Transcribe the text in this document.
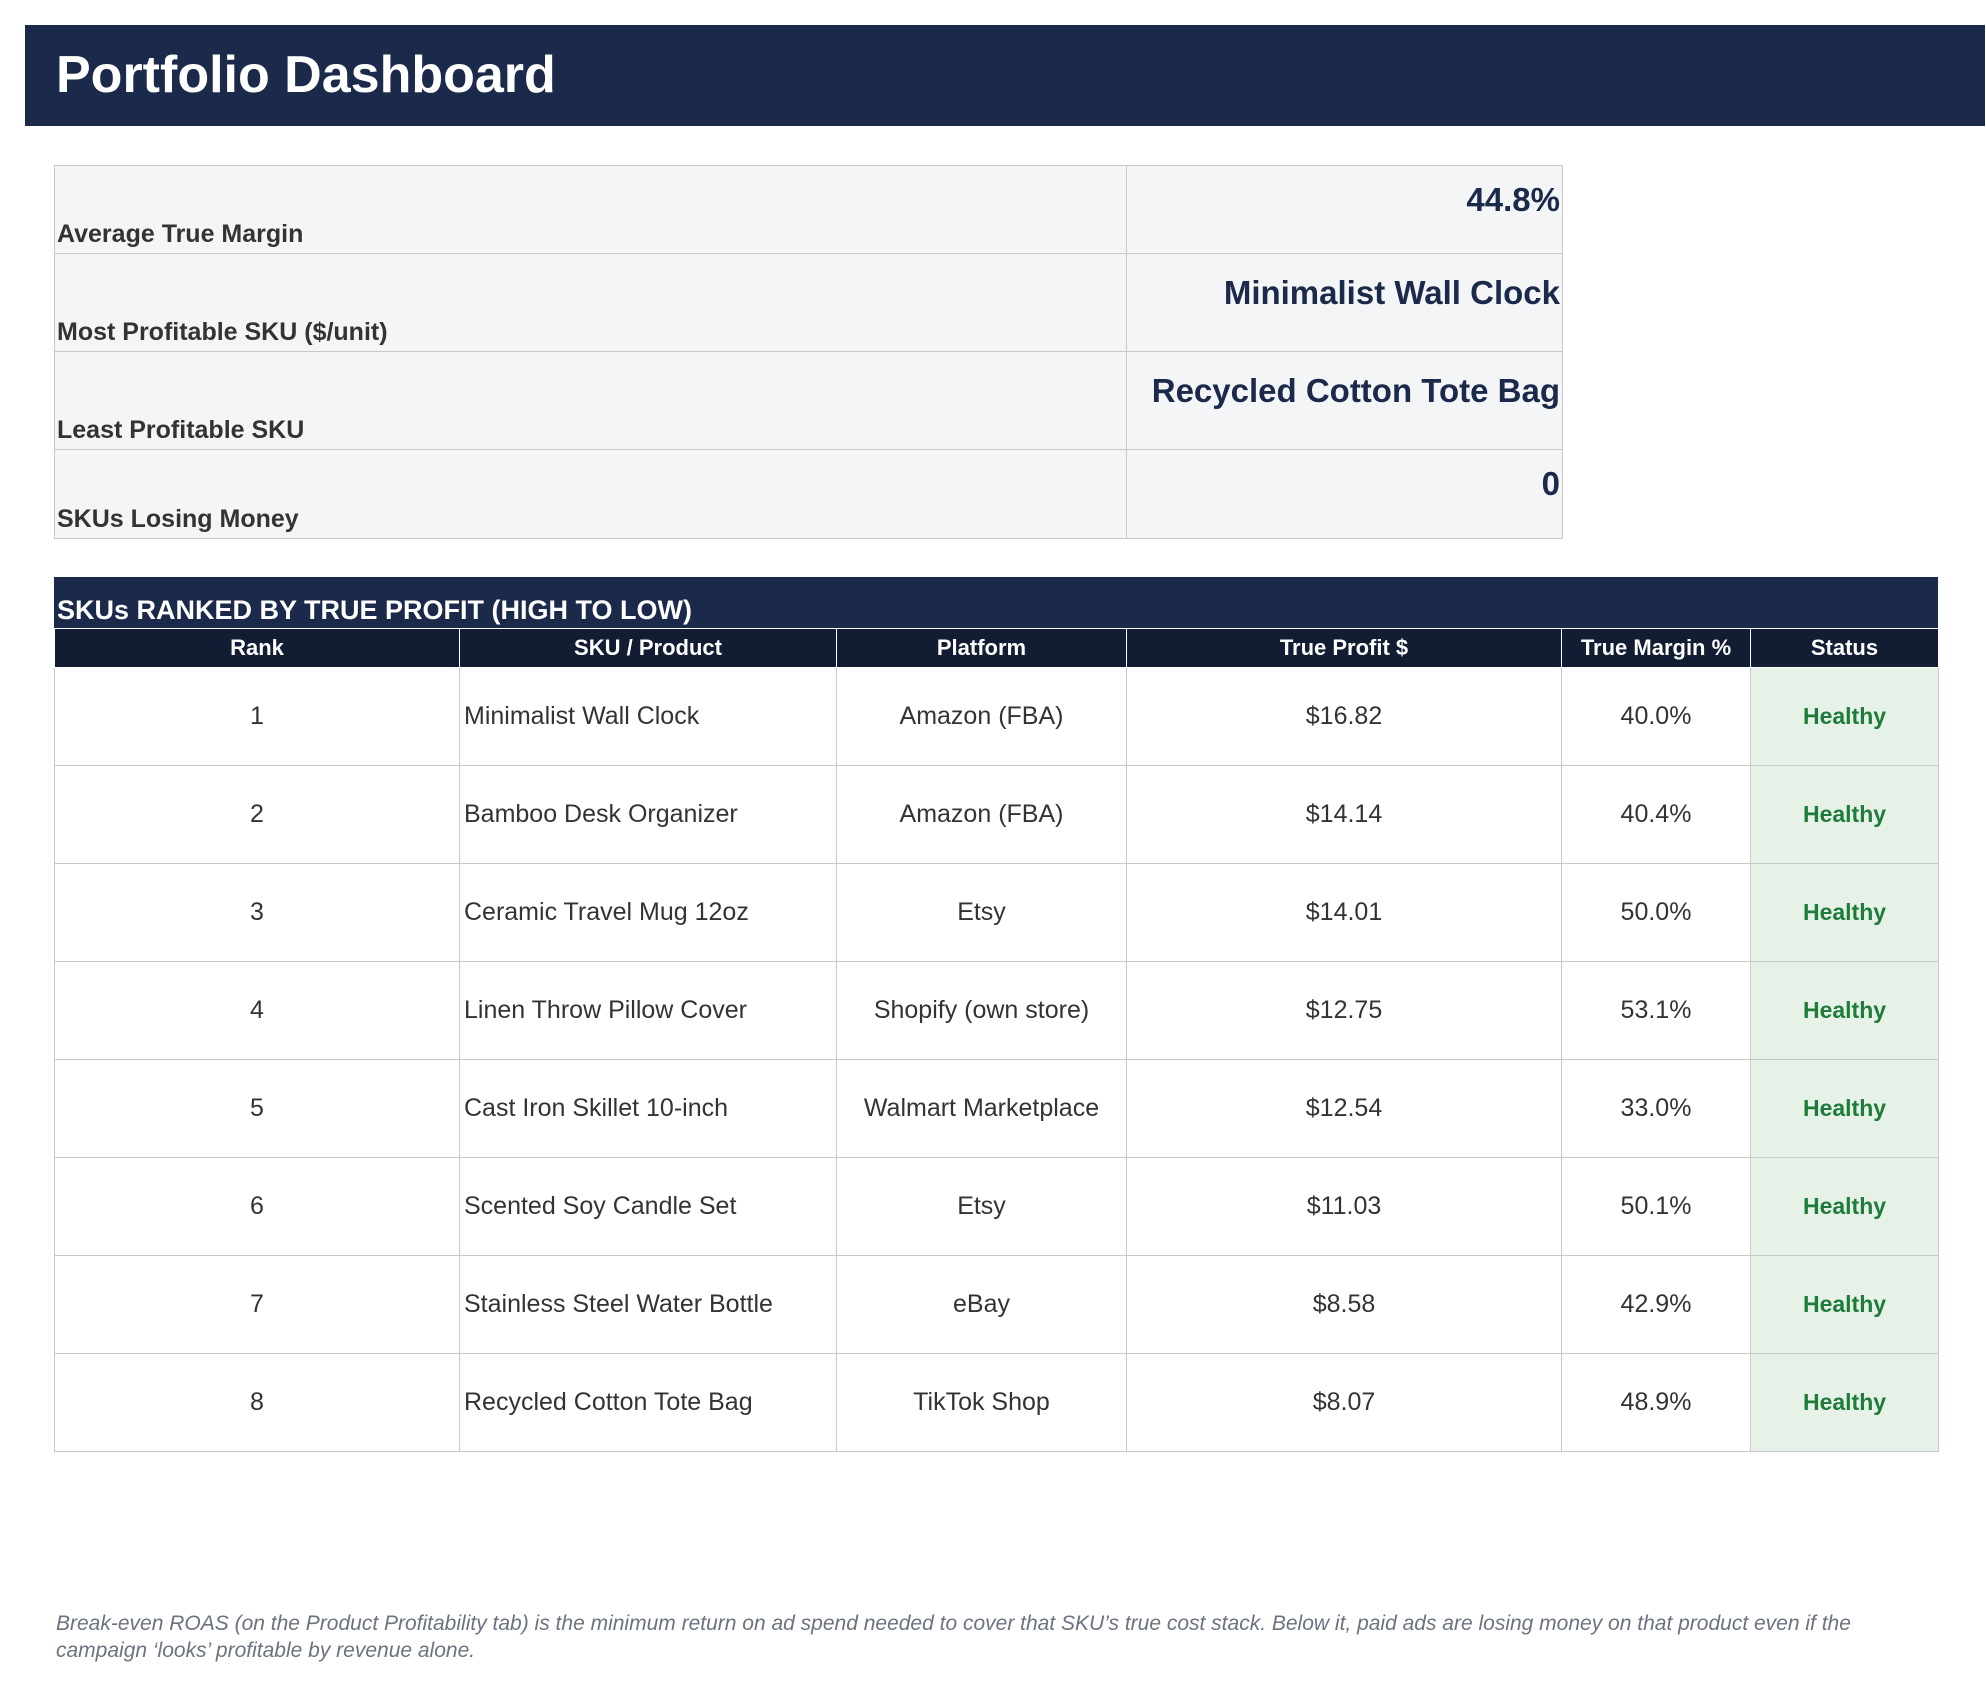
Portfolio Dashboard
Average True Margin	44.8%
Most Profitable SKU ($/unit)	Minimalist Wall Clock
Least Profitable SKU	Recycled Cotton Tote Bag
SKUs Losing Money	0
SKUs RANKED BY TRUE PROFIT (HIGH TO LOW)
Rank	SKU / Product	Platform	True Profit $	True Margin %	Status
1	Minimalist Wall Clock	Amazon (FBA)	$16.82	40.0%	Healthy
2	Bamboo Desk Organizer	Amazon (FBA)	$14.14	40.4%	Healthy
3	Ceramic Travel Mug 12oz	Etsy	$14.01	50.0%	Healthy
4	Linen Throw Pillow Cover	Shopify (own store)	$12.75	53.1%	Healthy
5	Cast Iron Skillet 10-inch	Walmart Marketplace	$12.54	33.0%	Healthy
6	Scented Soy Candle Set	Etsy	$11.03	50.1%	Healthy
7	Stainless Steel Water Bottle	eBay	$8.58	42.9%	Healthy
8	Recycled Cotton Tote Bag	TikTok Shop	$8.07	48.9%	Healthy
Break-even ROAS (on the Product Profitability tab) is the minimum return on ad spend needed to cover that SKU’s true cost stack. Below it, paid ads are losing money on that product even if the campaign ‘looks’ profitable by revenue alone.
